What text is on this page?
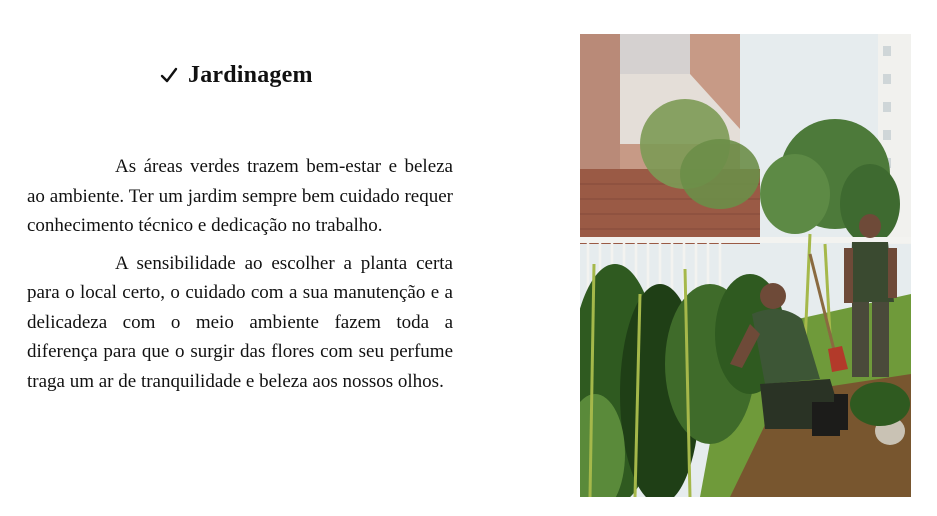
Jardinagem

As áreas verdes trazem bem-estar e beleza ao ambiente. Ter um jardim sempre bem cuidado requer conhecimento técnico e dedicação no trabalho.

A sensibilidade ao escolher a planta certa para o local certo, o cuidado com a sua manutenção e a delicadeza com o meio ambiente fazem toda a diferença para que o surgir das flores com seu perfume traga um ar de tranquilidade e beleza aos nossos olhos.
